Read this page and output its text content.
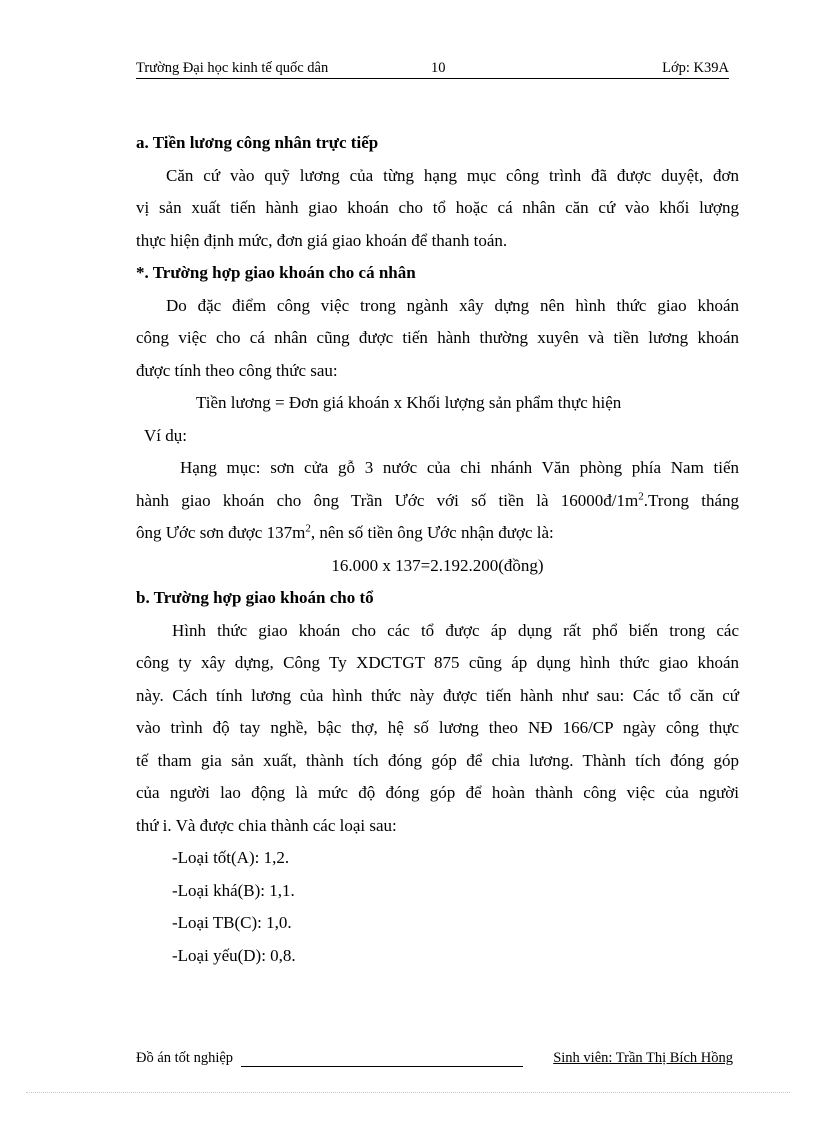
Trường Đại học kinh tế quốc dân	10	Lớp: K39A
a. Tiền lương công nhân trực tiếp
Căn cứ vào quỹ lương của từng hạng mục công trình đã được duyệt, đơn
vị sản xuất tiến hành giao khoán cho tổ hoặc cá nhân căn cứ vào khối lượng
thực hiện định mức, đơn giá giao khoán để thanh toán.
*. Trường hợp giao khoán cho cá nhân
Do đặc điểm công việc trong ngành xây dựng nên hình thức giao khoán
công việc cho cá nhân cũng được tiến hành thường xuyên và tiền lương khoán
được tính theo công thức sau:
Tiền lương = Đơn giá khoán x Khối lượng sản phẩm thực hiện
Ví dụ:
Hạng mục: sơn cửa gỗ 3 nước của chi nhánh Văn phòng phía Nam tiến
hành giao khoán cho ông Trần Ước với số tiền là $16000đ/1m^2.Trong$ tháng
ông Ước sơn được $137m^2$, nên số tiền ông Ước nhận được là:
16.000 x 137=2.192.200(đồng)
b. Trường hợp giao khoán cho tổ
Hình thức giao khoán cho các tổ được áp dụng rất phổ biến trong các
công ty xây dựng, Công Ty XDCTGT 875 cũng áp dụng hình thức giao khoán
này. Cách tính lương của hình thức này được tiến hành như sau: Các tổ căn cứ
vào trình độ tay nghề, bậc thợ, hệ số lương theo NĐ 166/CP ngày công thực
tế tham gia sản xuất, thành tích đóng góp để chia lương. Thành tích đóng góp
của người lao động là mức độ đóng góp để hoàn thành công việc của người
thứ i. Và được chia thành các loại sau:
-Loại tốt(A): 1,2.
-Loại khá(B): 1,1.
-Loại TB(C): 1,0.
-Loại yếu(D): 0,8.
Đồ án tốt nghiệp	Sinh viên: Trần Thị Bích Hồng
